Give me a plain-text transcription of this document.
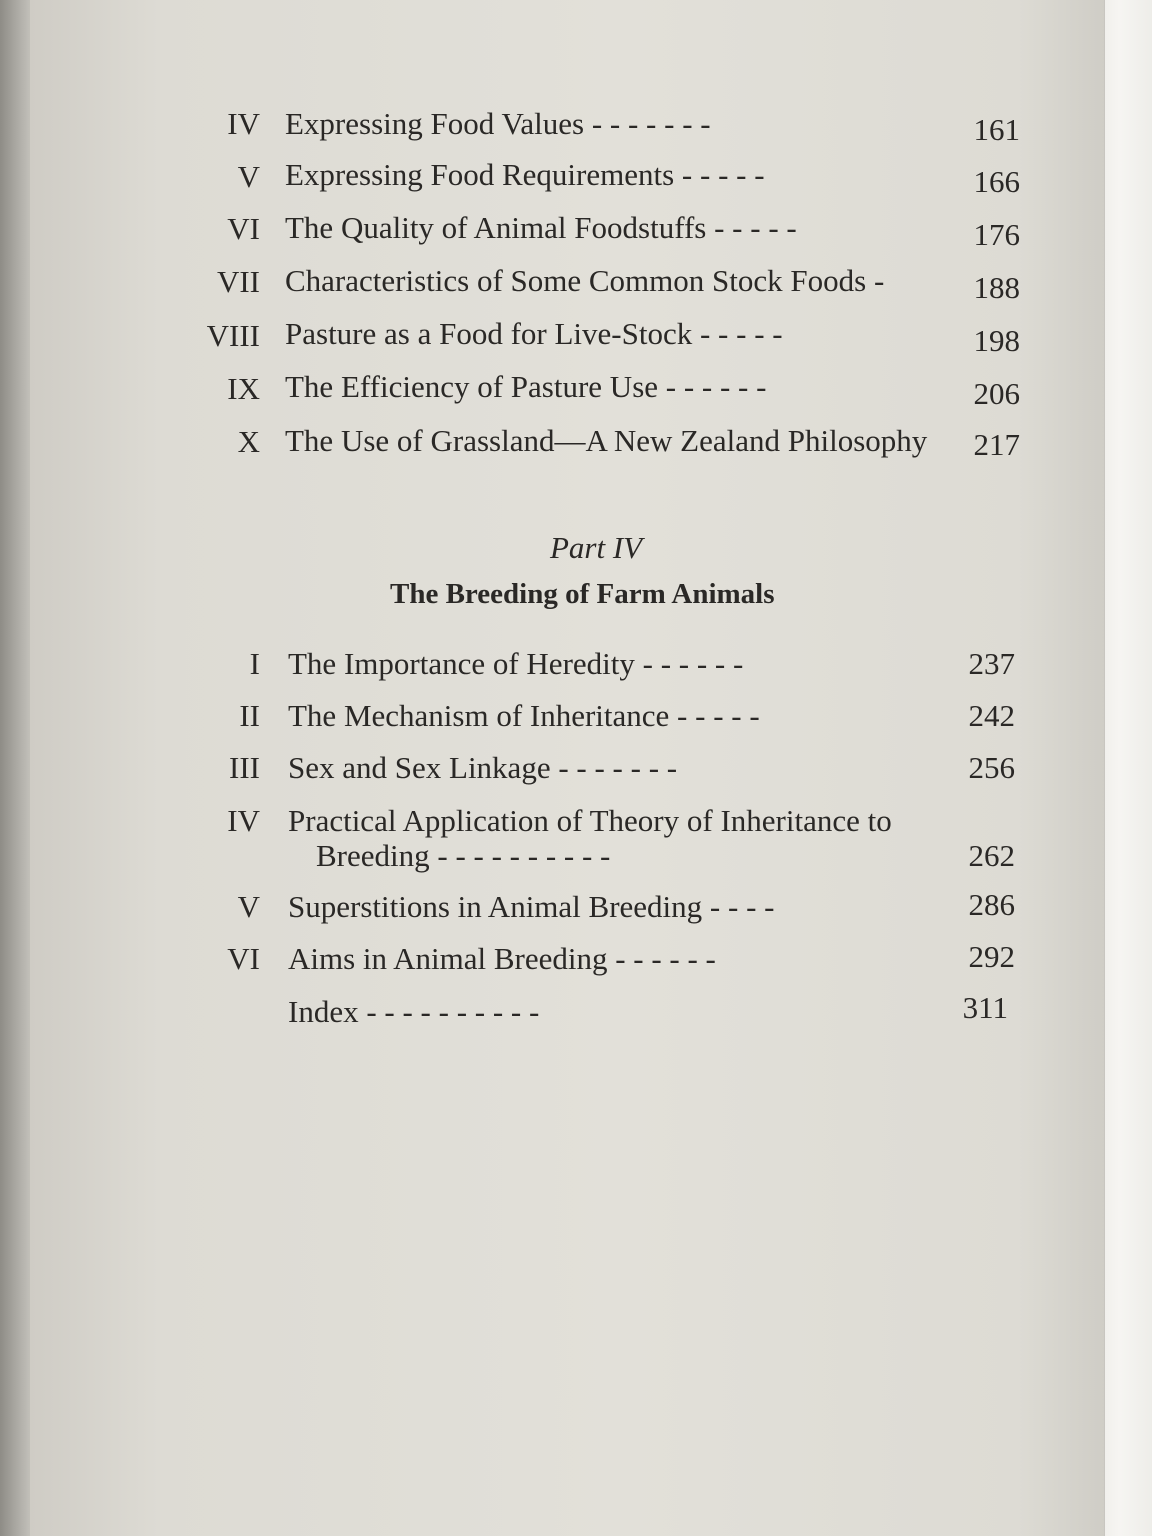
IV Expressing Food Values - - - - - - -	161
V Expressing Food Requirements - - - - -	166
VI The Quality of Animal Foodstuffs - - - - -	176
VII Characteristics of Some Common Stock Foods -	188
VIII Pasture as a Food for Live-Stock - - - - -	198
IX The Efficiency of Pasture Use - - - - - -	206
X The Use of Grassland—A New Zealand Philosophy	217
Part IV
The Breeding of Farm Animals
I The Importance of Heredity - - - - - -	237
II The Mechanism of Inheritance - - - - -	242
III Sex and Sex Linkage - - - - - - -	256
IV Practical Application of Theory of Inheritance to
Breeding - - - - - - - - - -	262
V Superstitions in Animal Breeding - - - -	286
VI Aims in Animal Breeding - - - - - -	292
Index - - - - - - - - - -	311
